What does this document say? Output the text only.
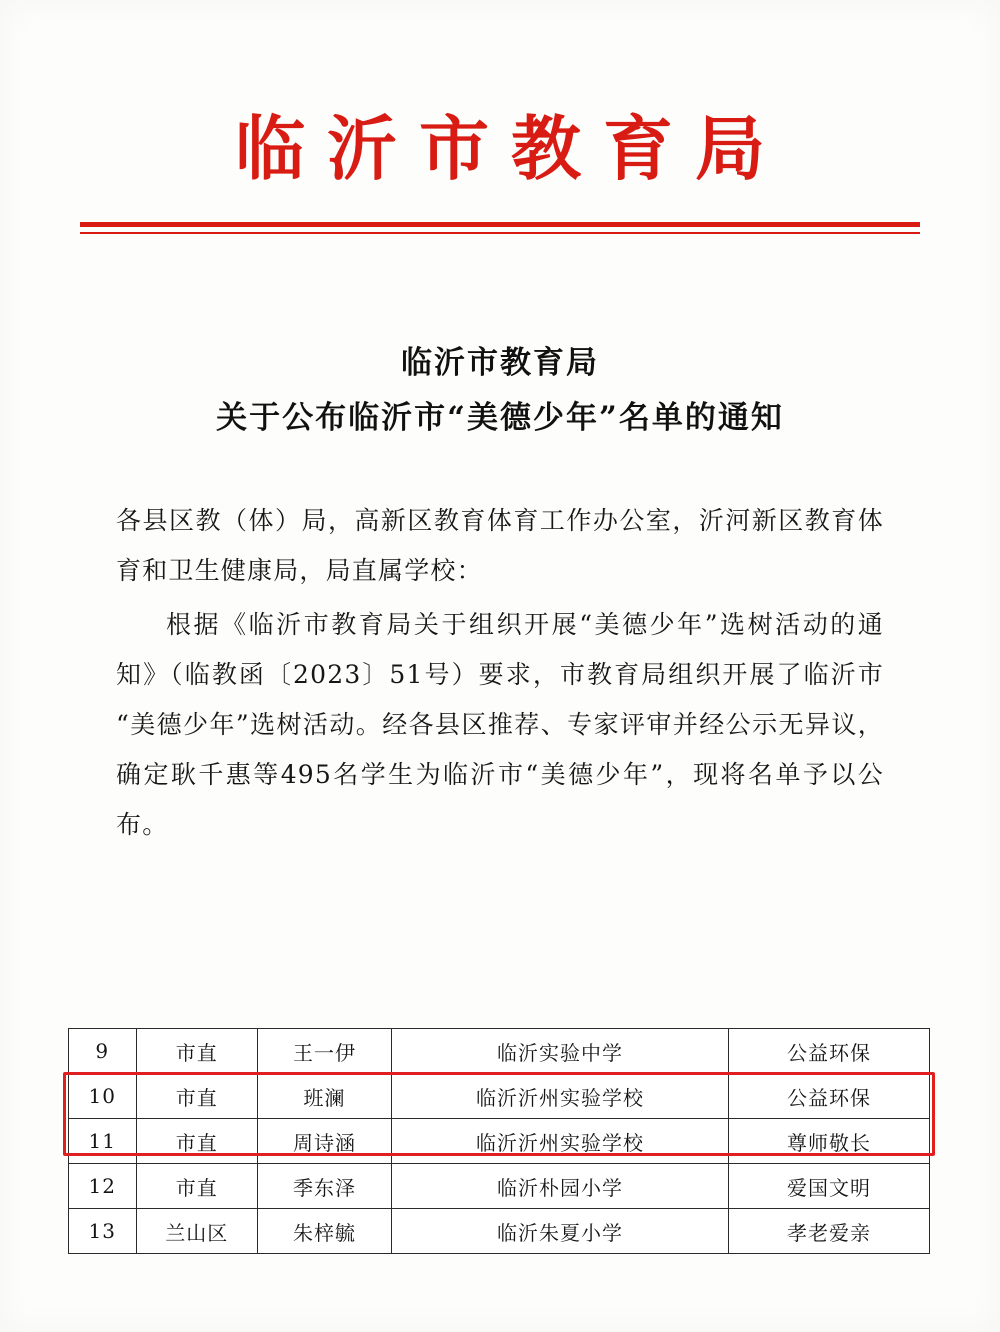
临沂市教育局
临沂市教育局
关于公布临沂市“美德少年”名单的通知

各县区教（体）局，高新区教育体育工作办公室，沂河新区教育体育和卫生健康局，局直属学校：

根据《临沂市教育局关于组织开展“美德少年”选树活动的通知》（临教函〔2023〕51号）要求，市教育局组织开展了临沂市“美德少年”选树活动。经各县区推荐、专家评审并经公示无异议，确定耿千惠等495名学生为临沂市“美德少年”，现将名单予以公布。

9	市直	王一伊	临沂实验中学	公益环保
10	市直	班澜	临沂沂州实验学校	公益环保
11	市直	周诗涵	临沂沂州实验学校	尊师敬长
12	市直	季东泽	临沂朴园小学	爱国文明
13	兰山区	朱梓毓	临沂朱夏小学	孝老爱亲
